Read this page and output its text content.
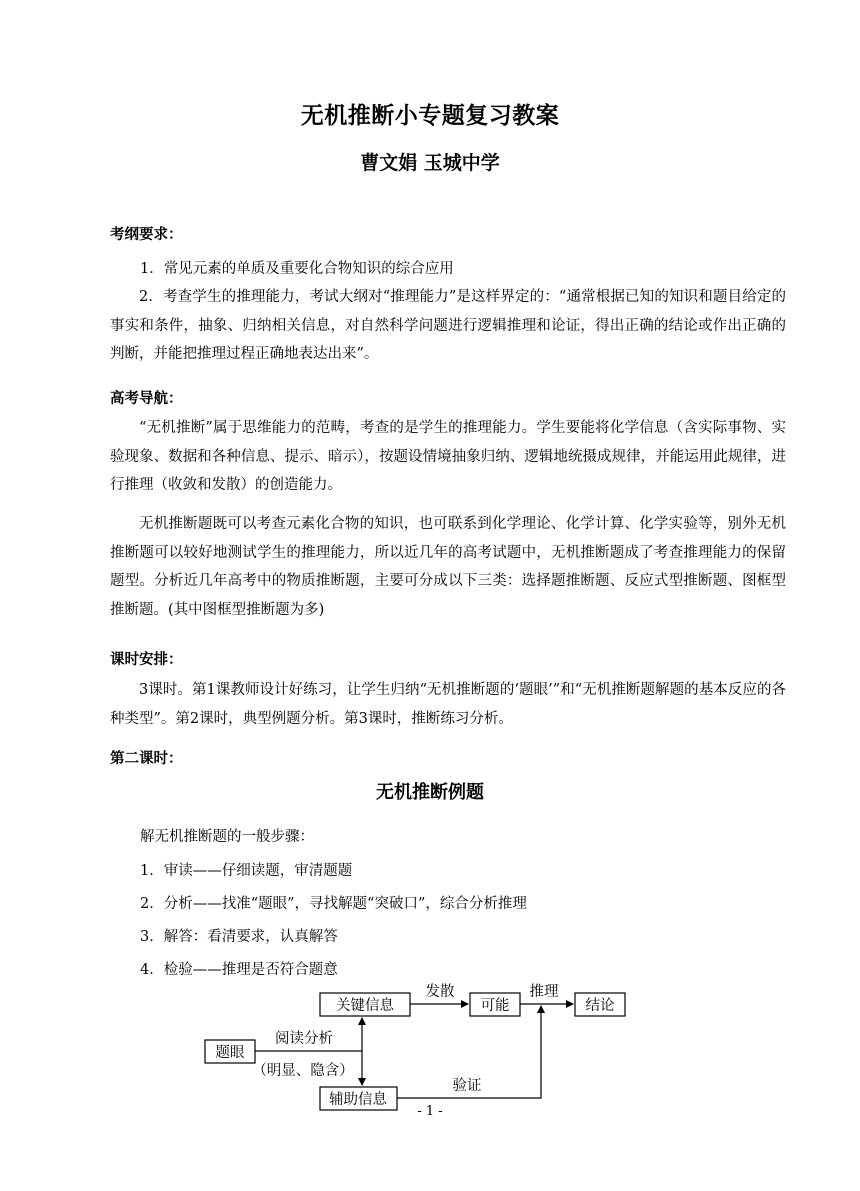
无机推断小专题复习教案
曹文娟 玉城中学
考纲要求：
1．常见元素的单质及重要化合物知识的综合应用

2．考查学生的推理能力，考试大纲对“推理能力”是这样界定的：“通常根据已知的知识和题目给定的事实和条件，抽象、归纳相关信息，对自然科学问题进行逻辑推理和论证，得出正确的结论或作出正确的判断，并能把推理过程正确地表达出来”。

高考导航：

“无机推断”属于思维能力的范畴，考查的是学生的推理能力。学生要能将化学信息（含实际事物、实验现象、数据和各种信息、提示、暗示），按题设情境抽象归纳、逻辑地统摄成规律，并能运用此规律，进行推理（收敛和发散）的创造能力。

无机推断题既可以考查元素化合物的知识，也可联系到化学理论、化学计算、化学实验等，别外无机推断题可以较好地测试学生的推理能力，所以近几年的高考试题中，无机推断题成了考查推理能力的保留题型。分析近几年高考中的物质推断题，主要可分成以下三类：选择题推断题、反应式型推断题、图框型推断题。(其中图框型推断题为多)

课时安排：

3课时。第1课教师设计好练习，让学生归纳“无机推断题的‘题眼’”和“无机推断题解题的基本反应的各种类型”。第2课时，典型例题分析。第3课时，推断练习分析。

第二课时：
无机推断例题
解无机推断题的一般步骤：
1．审读——仔细读题，审清题题
2．分析——找准“题眼”，寻找解题“突破口”，综合分析推理
3．解答：看清要求，认真解答
4．检验——推理是否符合题意
关键信息	可能	结论
题眼
辅助信息
发散	推理
阅读分析
（明显、隐含）
验证
- 1 -
